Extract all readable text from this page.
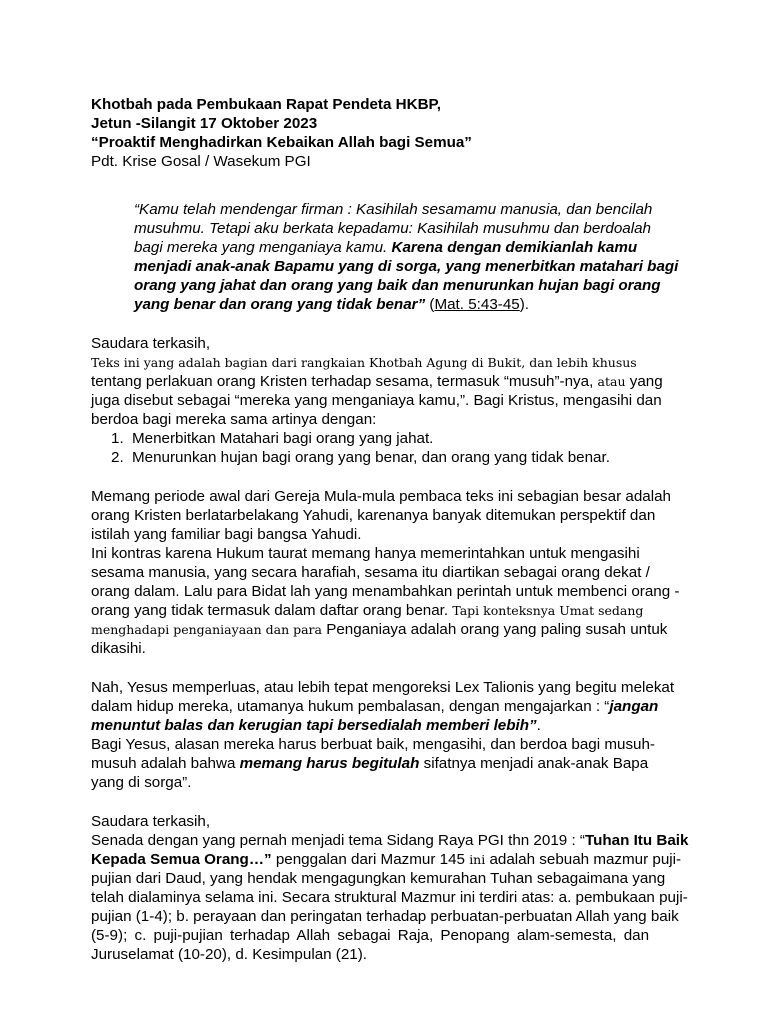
Khotbah pada Pembukaan Rapat Pendeta HKBP,
Jetun -Silangit 17 Oktober 2023
“Proaktif Menghadirkan Kebaikan Allah bagi Semua”
Pdt. Krise Gosal / Wasekum PGI
“Kamu telah mendengar firman : Kasihilah sesamamu manusia, dan bencilah
musuhmu. Tetapi aku berkata kepadamu: Kasihilah musuhmu dan berdoalah
bagi mereka yang menganiaya kamu. Karena dengan demikianlah kamu
menjadi anak-anak Bapamu yang di sorga, yang menerbitkan matahari bagi
orang yang jahat dan orang yang baik dan menurunkan hujan bagi orang
yang benar dan orang yang tidak benar” (Mat. 5:43-45).
Saudara terkasih,
Teks ini yang adalah bagian dari rangkaian Khotbah Agung di Bukit, dan lebih khusus
tentang perlakuan orang Kristen terhadap sesama, termasuk “musuh”-nya, atau yang
juga disebut sebagai “mereka yang menganiaya kamu,”. Bagi Kristus, mengasihi dan
berdoa bagi mereka sama artinya dengan:
1. Menerbitkan Matahari bagi orang yang jahat.
2. Menurunkan hujan bagi orang yang benar, dan orang yang tidak benar.
Memang periode awal dari Gereja Mula-mula pembaca teks ini sebagian besar adalah
orang Kristen berlatarbelakang Yahudi, karenanya banyak ditemukan perspektif dan
istilah yang familiar bagi bangsa Yahudi.
Ini kontras karena Hukum taurat memang hanya memerintahkan untuk mengasihi
sesama manusia, yang secara harafiah, sesama itu diartikan sebagai orang dekat /
orang dalam. Lalu para Bidat lah yang menambahkan perintah untuk membenci orang -
orang yang tidak termasuk dalam daftar orang benar. Tapi konteksnya Umat sedang
menghadapi penganiayaan dan para Penganiaya adalah orang yang paling susah untuk
dikasihi.
Nah, Yesus memperluas, atau lebih tepat mengoreksi Lex Talionis yang begitu melekat
dalam hidup mereka, utamanya hukum pembalasan, dengan mengajarkan : “jangan
menuntut balas dan kerugian tapi bersedialah memberi lebih”.
Bagi Yesus, alasan mereka harus berbuat baik, mengasihi, dan berdoa bagi musuh-
musuh adalah bahwa memang harus begitulah sifatnya menjadi anak-anak Bapa
yang di sorga”.
Saudara terkasih,
Senada dengan yang pernah menjadi tema Sidang Raya PGI thn 2019 : “Tuhan Itu Baik
Kepada Semua Orang…” penggalan dari Mazmur 145 ini adalah sebuah mazmur puji-
pujian dari Daud, yang hendak mengagungkan kemurahan Tuhan sebagaimana yang
telah dialaminya selama ini. Secara struktural Mazmur ini terdiri atas: a. pembukaan puji-
pujian (1-4); b. perayaan dan peringatan terhadap perbuatan-perbuatan Allah yang baik
(5-9); c. puji-pujian terhadap Allah sebagai Raja, Penopang alam-semesta, dan
Juruselamat (10-20), d. Kesimpulan (21).
